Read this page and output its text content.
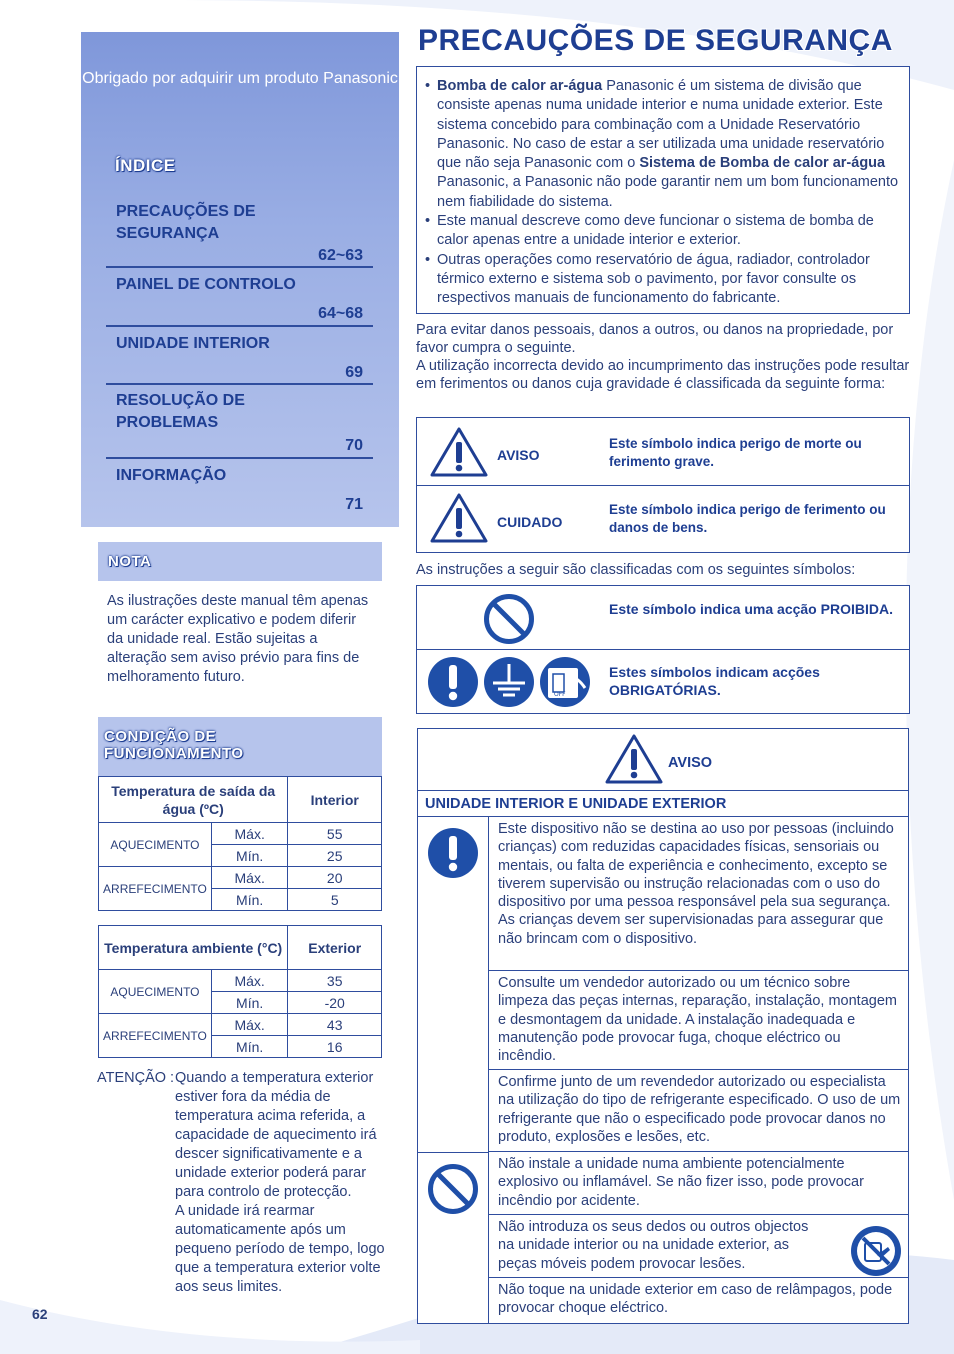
Obrigado por adquirir um produto Panasonic
ÍNDICE
PRECAUÇÕES DE SEGURANÇA
62~63
PAINEL DE CONTROLO
64~68
UNIDADE INTERIOR
69
RESOLUÇÃO DE PROBLEMAS
70
INFORMAÇÃO
71
NOTA
As ilustrações deste manual têm apenas um carácter explicativo e podem diferir da unidade real. Estão sujeitas a alteração sem aviso prévio para fins de melhoramento futuro.
CONDIÇÃO DE FUNCIONAMENTO
Temperatura de saída da água (ºC)		Interior
AQUECIMENTO	Máx.	55
	Mín.	25
ARREFECIMENTO	Máx.	20
	Mín.	5
Temperatura ambiente (°C)		Exterior
AQUECIMENTO	Máx.	35
	Mín.	-20
ARREFECIMENTO	Máx.	43
	Mín.	16
ATENÇÃO : Quando a temperatura exterior estiver fora da média de temperatura acima referida, a capacidade de aquecimento irá descer significativamente e a unidade exterior poderá parar para controlo de protecção.
A unidade irá rearmar automaticamente após um pequeno período de tempo, logo que a temperatura exterior volte aos seus limites.
62
PRECAUÇÕES DE SEGURANÇA
• Bomba de calor ar-água Panasonic é um sistema de divisão que consiste apenas numa unidade interior e numa unidade exterior. Este sistema concebido para combinação com a Unidade Reservatório Panasonic. No caso de estar a ser utilizada uma unidade reservatório que não seja Panasonic com o Sistema de Bomba de calor ar-água Panasonic, a Panasonic não pode garantir nem um bom funcionamento nem fiabilidade do sistema.
• Este manual descreve como deve funcionar o sistema de bomba de calor apenas entre a unidade interior e exterior.
• Outras operações como reservatório de água, radiador, controlador térmico externo e sistema sob o pavimento, por favor consulte os respectivos manuais de funcionamento do fabricante.
Para evitar danos pessoais, danos a outros, ou danos na propriedade, por favor cumpra o seguinte.
A utilização incorrecta devido ao incumprimento das instruções pode resultar em ferimentos ou danos cuja gravidade é classificada da seguinte forma:
AVISO
Este símbolo indica perigo de morte ou ferimento grave.
CUIDADO
Este símbolo indica perigo de ferimento ou danos de bens.
As instruções a seguir são classificadas com os seguintes símbolos:
Este símbolo indica uma acção PROIBIDA.
OFF
Estes símbolos indicam acções OBRIGATÓRIAS.
AVISO
UNIDADE INTERIOR E UNIDADE EXTERIOR
Este dispositivo não se destina ao uso por pessoas (incluindo crianças) com reduzidas capacidades físicas, sensoriais ou mentais, ou falta de experiência e conhecimento, excepto se tiverem supervisão ou instrução relacionadas com o uso do dispositivo por uma pessoa responsável pela sua segurança. As crianças devem ser supervisionadas para assegurar que não brincam com o dispositivo.
Consulte um vendedor autorizado ou um técnico sobre limpeza das peças internas, reparação, instalação, montagem e desmontagem da unidade. A instalação inadequada e manutenção pode provocar fuga, choque eléctrico ou incêndio.
Confirme junto de um revendedor autorizado ou especialista na utilização do tipo de refrigerante especificado. O uso de um refrigerante que não o especificado pode provocar danos no produto, explosões e lesões, etc.
Não instale a unidade numa ambiente potencialmente explosivo ou inflamável. Se não fizer isso, pode provocar incêndio por acidente.
Não introduza os seus dedos ou outros objectos na unidade interior ou na unidade exterior, as peças móveis podem provocar lesões.
Não toque na unidade exterior em caso de relâmpagos, pode provocar choque eléctrico.
